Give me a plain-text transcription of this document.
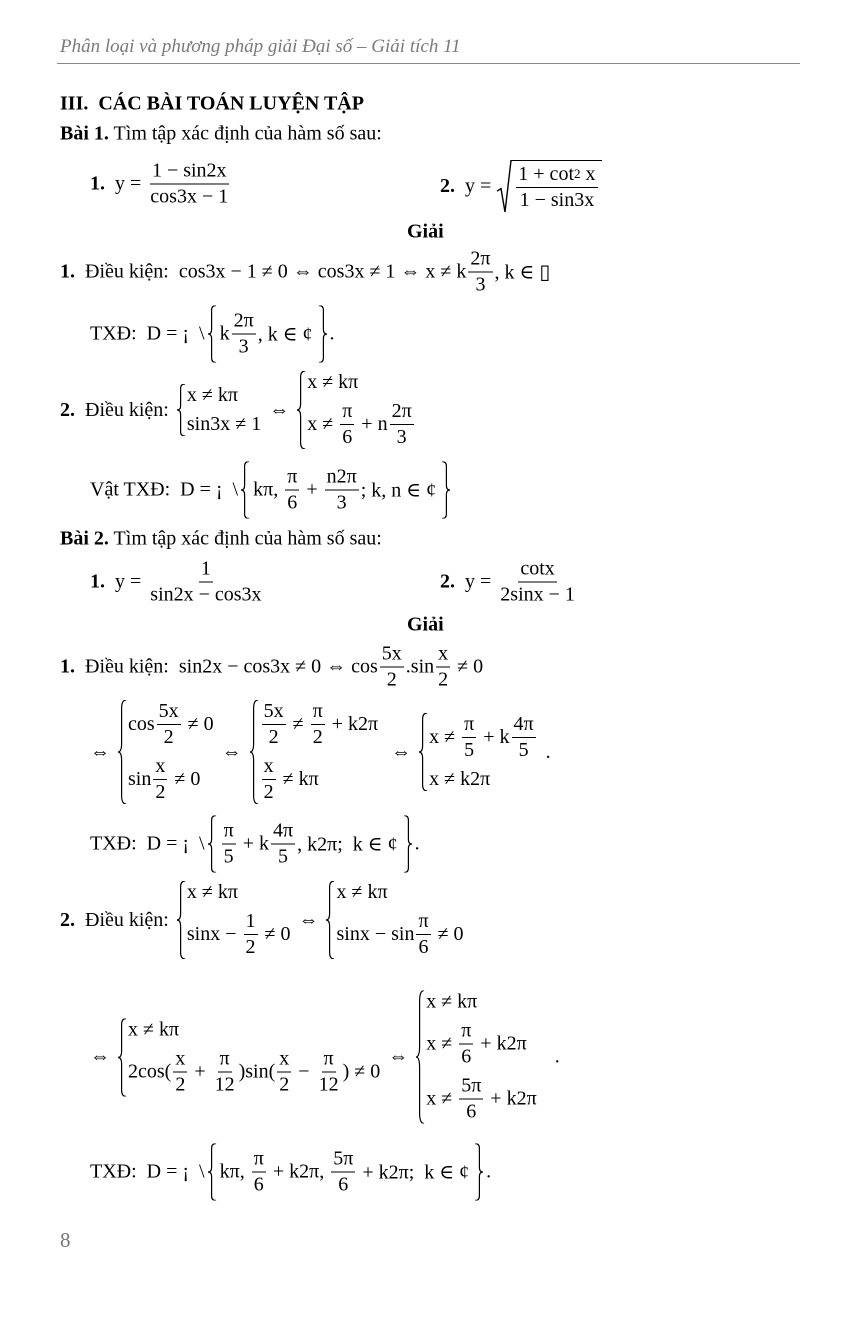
Phân loại và phương pháp giải Đại số – Giải tích 11
III.  CÁC BÀI TOÁN LUYỆN TẬP
Bài 1. Tìm tập xác định của hàm số sau:
1. $y = \frac{1 - \sin 2x}{\cos 3x - 1}$	2. $y = \frac{1 + \cot 2 x}{1 - \sin 3x}$
Giải
1. Điều kiện:  cos3x − 1 ≠ 0 ⇔ cos3x ≠ 1 ⇔ x ≠ k $\frac{2\pi}{3}$ , k ∈ ▯
TXĐ:  D = ¡  \ k $\frac{2\pi}{3}$ , k ∈ ¢ .
2. Điều kiện:
x ≠ kπ
sin3x ≠ 1
⇔
x ≠ kπ
$x \ne \frac{\pi}{6} + n \frac{2\pi}{3}$
Vật TXĐ:  D = ¡  \ kπ, $\frac{\pi}{6} + \frac{n2\pi}{3}$ ; k, n ∈ ¢
Bài 2. Tìm tập xác định của hàm số sau:
1. $y = \frac{1}{\sin 2x - \cos 3x}$	2. $y = \frac{\cot x}{2\sin x - 1}$
Giải
1. Điều kiện:  sin2x − cos3x ≠ 0 ⇔ $\cos \frac{5x}{2} .\sin \frac{x}{2} \ne 0$
⇔
$\cos \frac{5x}{2} \ne 0$
$\sin \frac{x}{2} \ne 0$
⇔
$\frac{5x}{2} \ne \frac{\pi}{2} + k2\pi$
$\frac{x}{2} \ne k\pi$
⇔
$x \ne \frac{\pi}{5} + k \frac{4\pi}{5}$
x ≠ k2π
.
TXĐ:  D = ¡  \ $\frac{\pi}{5} + k \frac{4\pi}{5}$ , k2π;  k ∈ ¢ .
2. Điều kiện:
x ≠ kπ
$\sin x - \frac{1}{2} \ne 0$
⇔
x ≠ kπ
$\sin x - \sin \frac{\pi}{6} \ne 0$
⇔
x ≠ kπ
$2\cos( \frac{x}{2} + \frac{\pi}{12} )\sin( \frac{x}{2} - \frac{\pi}{12}$ ) ≠ 0
⇔
x ≠ kπ
$x \ne \frac{\pi}{6} + k2\pi$
$x \ne \frac{5\pi}{6} + k2\pi$
.
TXĐ:  D = ¡  \ kπ, $\frac{\pi}{6} + k2\pi$, $\frac{5\pi}{6} + k2\pi$;  k ∈ ¢ .
8
